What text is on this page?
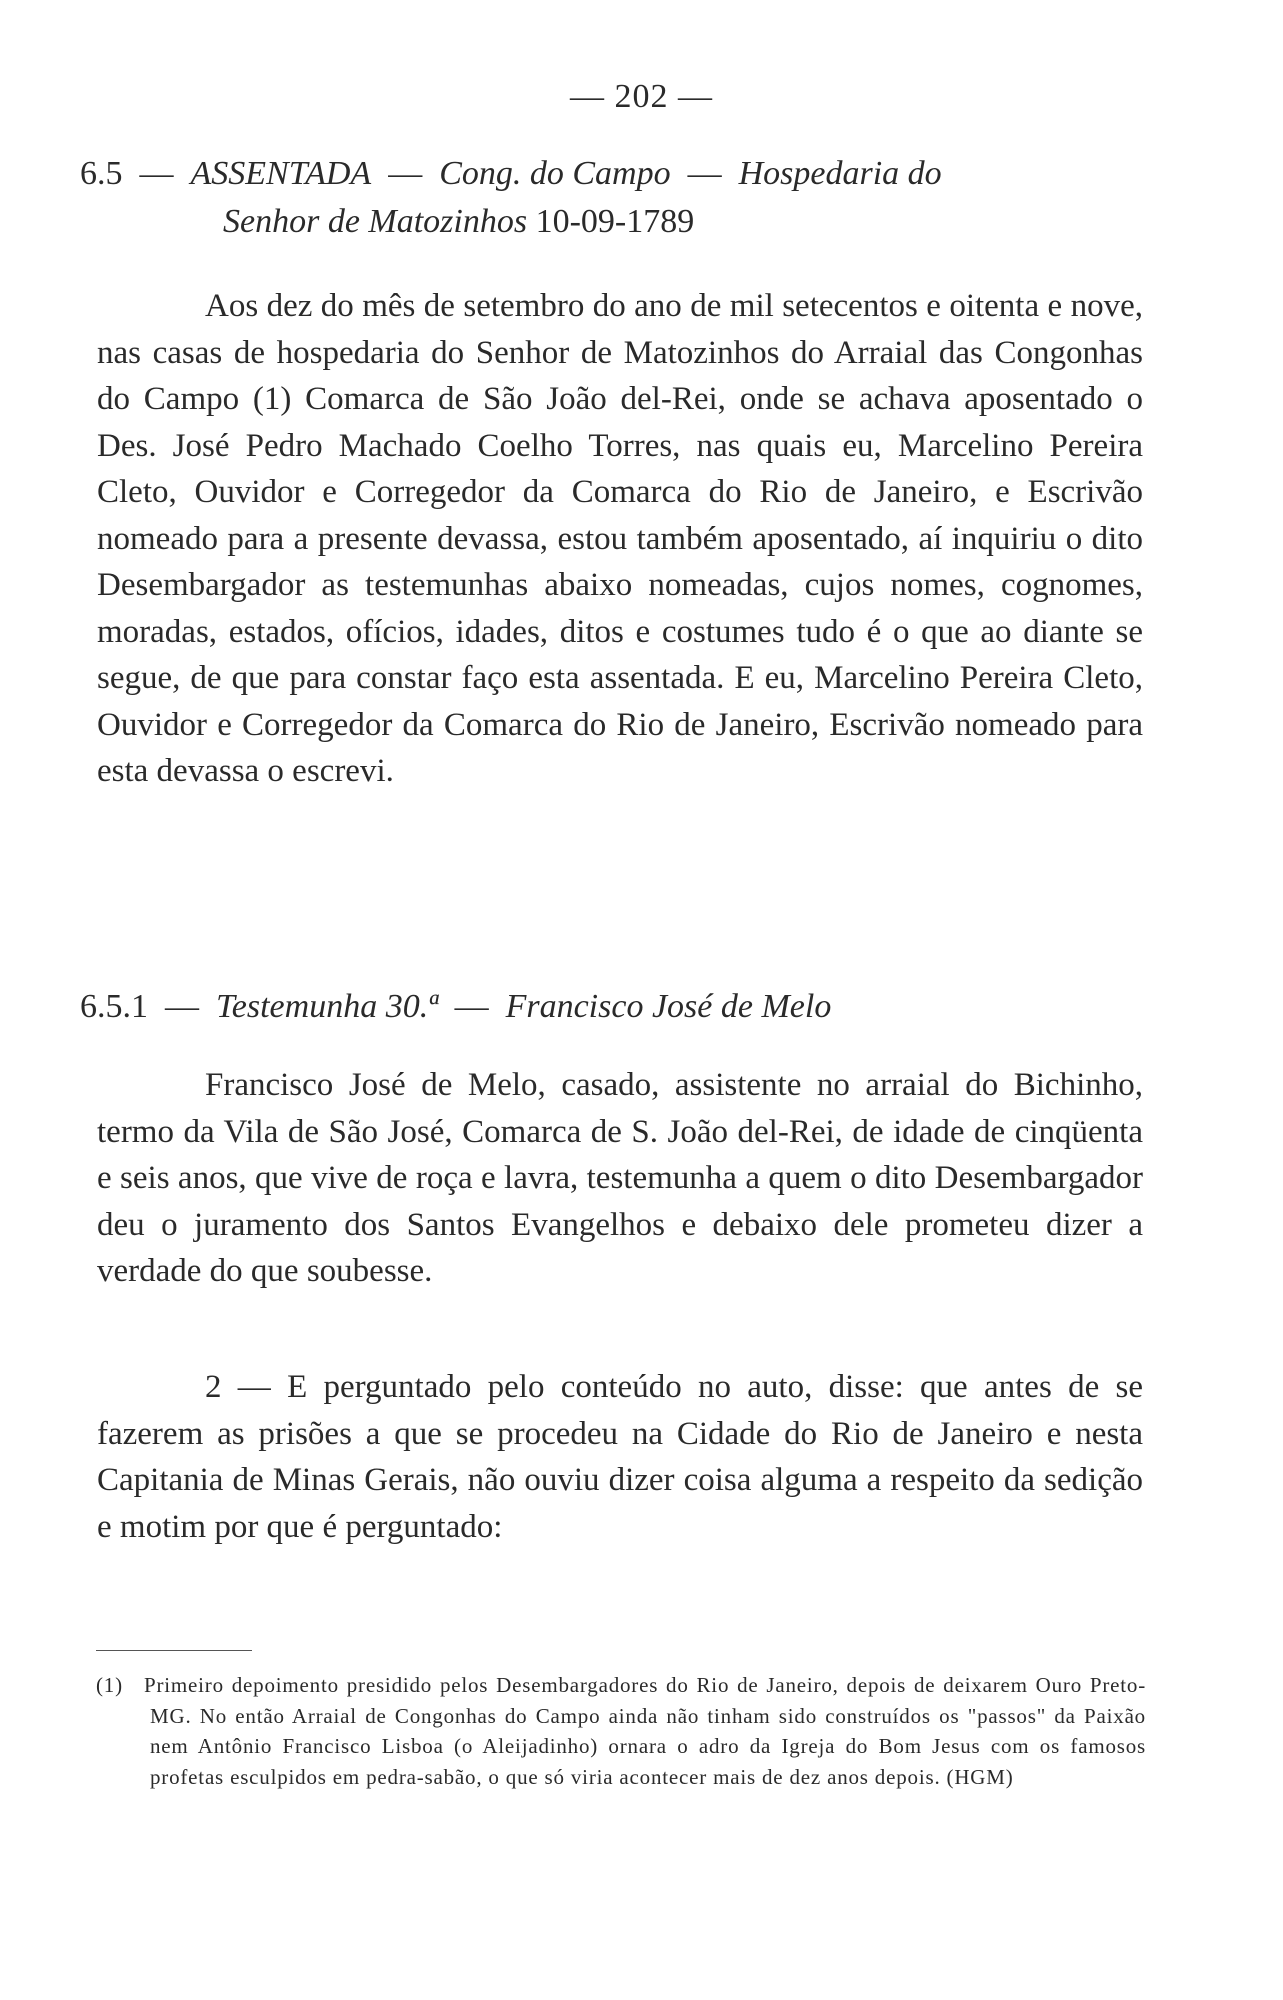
— 202 —
6.5 — ASSENTADA — Cong. do Campo — Hospedaria do
Senhor de Matozinhos 10-09-1789

Aos dez do mês de setembro do ano de mil setecentos e oitenta e nove, nas casas de hospedaria do Senhor de Matozinhos do Arraial das Congonhas do Campo (1) Comarca de São João del-Rei, onde se achava aposentado o Des. José Pedro Machado Coelho Torres, nas quais eu, Marcelino Pereira Cleto, Ouvidor e Corregedor da Comarca do Rio de Janeiro, e Escrivão nomeado para a presente devassa, estou também aposentado, aí inquiriu o dito Desembargador as testemunhas abaixo nomeadas, cujos nomes, cognomes, moradas, estados, ofícios, idades, ditos e costumes tudo é o que ao diante se segue, de que para constar faço esta assentada. E eu, Marcelino Pereira Cleto, Ouvidor e Corregedor da Comarca do Rio de Janeiro, Escrivão nomeado para esta devassa o escrevi.

6.5.1 — Testemunha 30.ª — Francisco José de Melo

Francisco José de Melo, casado, assistente no arraial do Bichinho, termo da Vila de São José, Comarca de S. João del-Rei, de idade de cinqüenta e seis anos, que vive de roça e lavra, testemunha a quem o dito Desembargador deu o juramento dos Santos Evangelhos e debaixo dele prometeu dizer a verdade do que soubesse.

2 — E perguntado pelo conteúdo no auto, disse: que antes de se fazerem as prisões a que se procedeu na Cidade do Rio de Janeiro e nesta Capitania de Minas Gerais, não ouviu dizer coisa alguma a respeito da sedição e motim por que é perguntado:

(1)	Primeiro depoimento presidido pelos Desembargadores do Rio de Janeiro, depois de deixarem Ouro Preto-MG. No então Arraial de Congonhas do Campo ainda não tinham sido construídos os "passos" da Paixão nem Antônio Francisco Lisboa (o Aleijadinho) ornara o adro da Igreja do Bom Jesus com os famosos profetas esculpidos em pedra-sabão, o que só viria acontecer mais de dez anos depois. (HGM)
